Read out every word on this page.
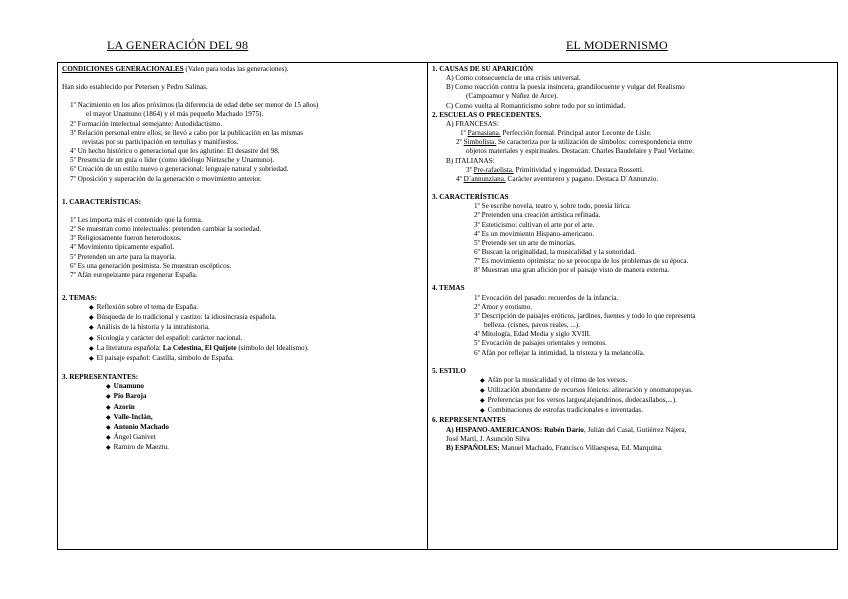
LA GENERACIÓN DEL 98	EL MODERNISMO
CONDICIONES GENERACIONALES (Valen para todas las generaciones).
Han sido establecido por Petersen y Pedro Salinas.
1º Nacimiento en los años próximos (la diferencia de edad debe ser menor de 15 años)
el mayor Unamuno (1864) y el más pequeño Machado 1975).
2º Formación intelectual semejante: Autodidactismo.
3º Relación personal entre ellos; se llevó a cabo por la publicación en las mismas
revistas por su participación en tertulias y manifiestos.
4º Un hecho histórico o generacional que les aglutine: El desastre del 98.
5º Presencia de un guía o líder (como ideólogo Nietzsche y Unamuno).
6º Creación de un estilo nuevo o generacional: lenguaje natural y sobriedad.
7º Oposición y superación de la generación o movimiento anterior.
1. CARACTERÍSTICAS:
1º Les importa más el contenido que la forma.
2º Se muestran como intelectuales: pretenden cambiar la sociedad.
3º Religiosamente fueron heterodoxos.
4º Movimiento típicamente español.
5º Pretenden un arte para la mayoría.
6º Es una generación pesimista. Se muestran escépticos.
7º Afán europeizante para regenerar España.
2. TEMAS:
◆ Reflexión sobre el tema de España.
◆ Búsqueda de lo tradicional y castizo: la idiosincrasia española.
◆ Análisis de la historia y la intrahistoria.
◆ Sicología y carácter del español: carácter nacional.
◆ La literatura española: La Celestina, El Quijote (símbolo del Idealismo).
◆ El paisaje español: Castilla, símbolo de España.
3. REPRESENTANTES:
◆ Unamuno
◆ Pío Baroja
◆ Azorín
◆ Valle-Inclán,
◆ Antonio Machado
◆ Ángel Ganivet
◆ Ramiro de Maeztu.

1. CAUSAS DE SU APARICIÓN
A) Como consecuencia de una crisis universal.
B) Como reacción contra la poesía insincera, grandilocuente y vulgar del Realismo
(Campoamor y Núñez de Arce).
C) Como vuelta al Romanticismo sobre todo por su intimidad.
2. ESCUELAS O PRECEDENTES.
A) FRANCESAS:
1º Parnasiana. Perfección formal. Principal autor Leconte de Lisle.
2º Simbolista. Se caracteriza por la utilización de símbolos: correspondencia entre
objetos materiales y espirituales. Destacan: Charles Baudelaire y Paul Verlaine.
B) ITALIANAS:
3º Pre-rafaelista. Primitividad y ingenuidad. Destaca Rossetti.
4º D´annunziana. Carácter aventurero y pagano. Destaca D´Annunzio.
3. CARACTERÍSTICAS
1º Se escribe novela, teatro y, sobre todo, poesía lírica.
2º Pretenden una creación artística refinada.
3º Esteticismo: cultivan el arte por el arte.
4º Es un movimiento Hispano-americano.
5º Pretende ser un arte de minorías.
6º Buscan la originalidad, la musicalidad y la sonoridad.
7º Es movimiento optimista: no se preocupa de los problemas de su época.
8º Muestran una gran afición por el paisaje visto de manera externa.
4. TEMAS
1º Evocación del pasado: recuerdos de la infancia.
2º Amor y erotismo.
3º Descripción de paisajes eróticos, jardines, fuentes y todo lo que representa
belleza. (cisnes, pavos reales, ...).
4º Mitología, Edad Media y siglo XVIII.
5º Evocación de paisajes orientales y remotos.
6º Afán por reflejar la intimidad, la tristeza y la melancolía.
5. ESTILO
◆ Afán por la musicalidad y el ritmo de los versos.
◆ Utilización abundante de recursos fónicos: aliteración y onomatopeyas.
◆ Preferencias por los versos largos(alejandrinos, dodecasílabos,...).
◆ Combinaciones de estrofas tradicionales e inventadas.
6. REPRESENTANTES
A) HISPANO-AMERICANOS: Rubén Darío, Julián del Casal, Gutiérrez Nájera,
José Martí, J. Asunción Silva
B) ESPAÑOLES: Manuel Machado, Francisco Villaespesa, Ed. Marquina.
